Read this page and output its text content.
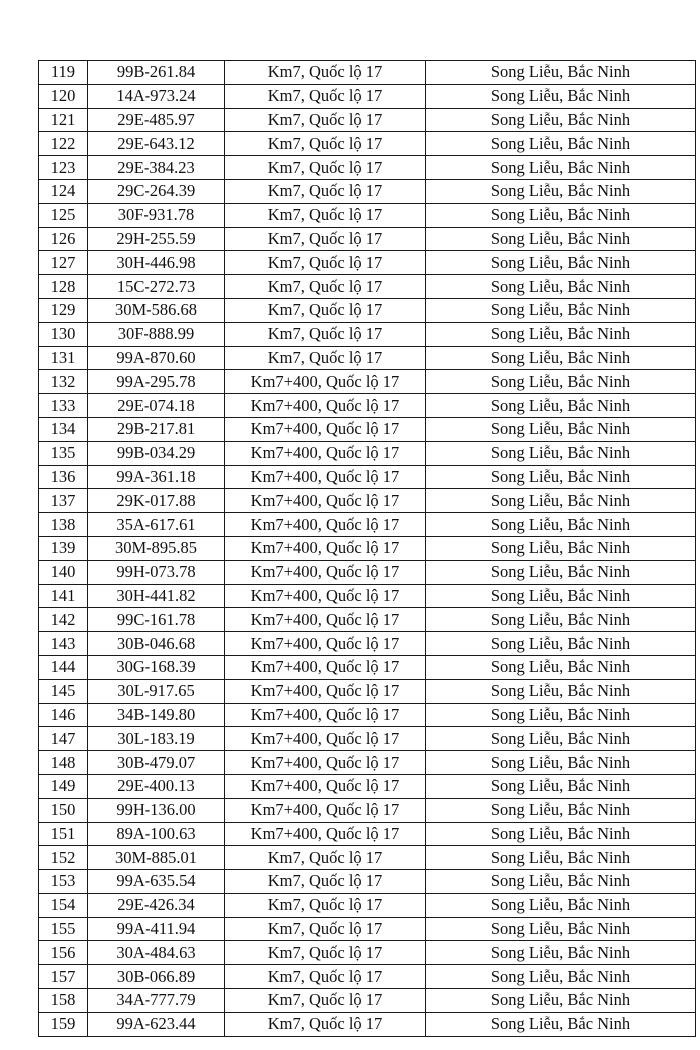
119	99B-261.84	Km7, Quốc lộ 17	Song Liễu, Bắc Ninh
120	14A-973.24	Km7, Quốc lộ 17	Song Liễu, Bắc Ninh
121	29E-485.97	Km7, Quốc lộ 17	Song Liễu, Bắc Ninh
122	29E-643.12	Km7, Quốc lộ 17	Song Liễu, Bắc Ninh
123	29E-384.23	Km7, Quốc lộ 17	Song Liễu, Bắc Ninh
124	29C-264.39	Km7, Quốc lộ 17	Song Liễu, Bắc Ninh
125	30F-931.78	Km7, Quốc lộ 17	Song Liễu, Bắc Ninh
126	29H-255.59	Km7, Quốc lộ 17	Song Liễu, Bắc Ninh
127	30H-446.98	Km7, Quốc lộ 17	Song Liễu, Bắc Ninh
128	15C-272.73	Km7, Quốc lộ 17	Song Liễu, Bắc Ninh
129	30M-586.68	Km7, Quốc lộ 17	Song Liễu, Bắc Ninh
130	30F-888.99	Km7, Quốc lộ 17	Song Liễu, Bắc Ninh
131	99A-870.60	Km7, Quốc lộ 17	Song Liễu, Bắc Ninh
132	99A-295.78	Km7+400, Quốc lộ 17	Song Liễu, Bắc Ninh
133	29E-074.18	Km7+400, Quốc lộ 17	Song Liễu, Bắc Ninh
134	29B-217.81	Km7+400, Quốc lộ 17	Song Liễu, Bắc Ninh
135	99B-034.29	Km7+400, Quốc lộ 17	Song Liễu, Bắc Ninh
136	99A-361.18	Km7+400, Quốc lộ 17	Song Liễu, Bắc Ninh
137	29K-017.88	Km7+400, Quốc lộ 17	Song Liễu, Bắc Ninh
138	35A-617.61	Km7+400, Quốc lộ 17	Song Liễu, Bắc Ninh
139	30M-895.85	Km7+400, Quốc lộ 17	Song Liễu, Bắc Ninh
140	99H-073.78	Km7+400, Quốc lộ 17	Song Liễu, Bắc Ninh
141	30H-441.82	Km7+400, Quốc lộ 17	Song Liễu, Bắc Ninh
142	99C-161.78	Km7+400, Quốc lộ 17	Song Liễu, Bắc Ninh
143	30B-046.68	Km7+400, Quốc lộ 17	Song Liễu, Bắc Ninh
144	30G-168.39	Km7+400, Quốc lộ 17	Song Liễu, Bắc Ninh
145	30L-917.65	Km7+400, Quốc lộ 17	Song Liễu, Bắc Ninh
146	34B-149.80	Km7+400, Quốc lộ 17	Song Liễu, Bắc Ninh
147	30L-183.19	Km7+400, Quốc lộ 17	Song Liễu, Bắc Ninh
148	30B-479.07	Km7+400, Quốc lộ 17	Song Liễu, Bắc Ninh
149	29E-400.13	Km7+400, Quốc lộ 17	Song Liễu, Bắc Ninh
150	99H-136.00	Km7+400, Quốc lộ 17	Song Liễu, Bắc Ninh
151	89A-100.63	Km7+400, Quốc lộ 17	Song Liễu, Bắc Ninh
152	30M-885.01	Km7, Quốc lộ 17	Song Liễu, Bắc Ninh
153	99A-635.54	Km7, Quốc lộ 17	Song Liễu, Bắc Ninh
154	29E-426.34	Km7, Quốc lộ 17	Song Liễu, Bắc Ninh
155	99A-411.94	Km7, Quốc lộ 17	Song Liễu, Bắc Ninh
156	30A-484.63	Km7, Quốc lộ 17	Song Liễu, Bắc Ninh
157	30B-066.89	Km7, Quốc lộ 17	Song Liễu, Bắc Ninh
158	34A-777.79	Km7, Quốc lộ 17	Song Liễu, Bắc Ninh
159	99A-623.44	Km7, Quốc lộ 17	Song Liễu, Bắc Ninh
